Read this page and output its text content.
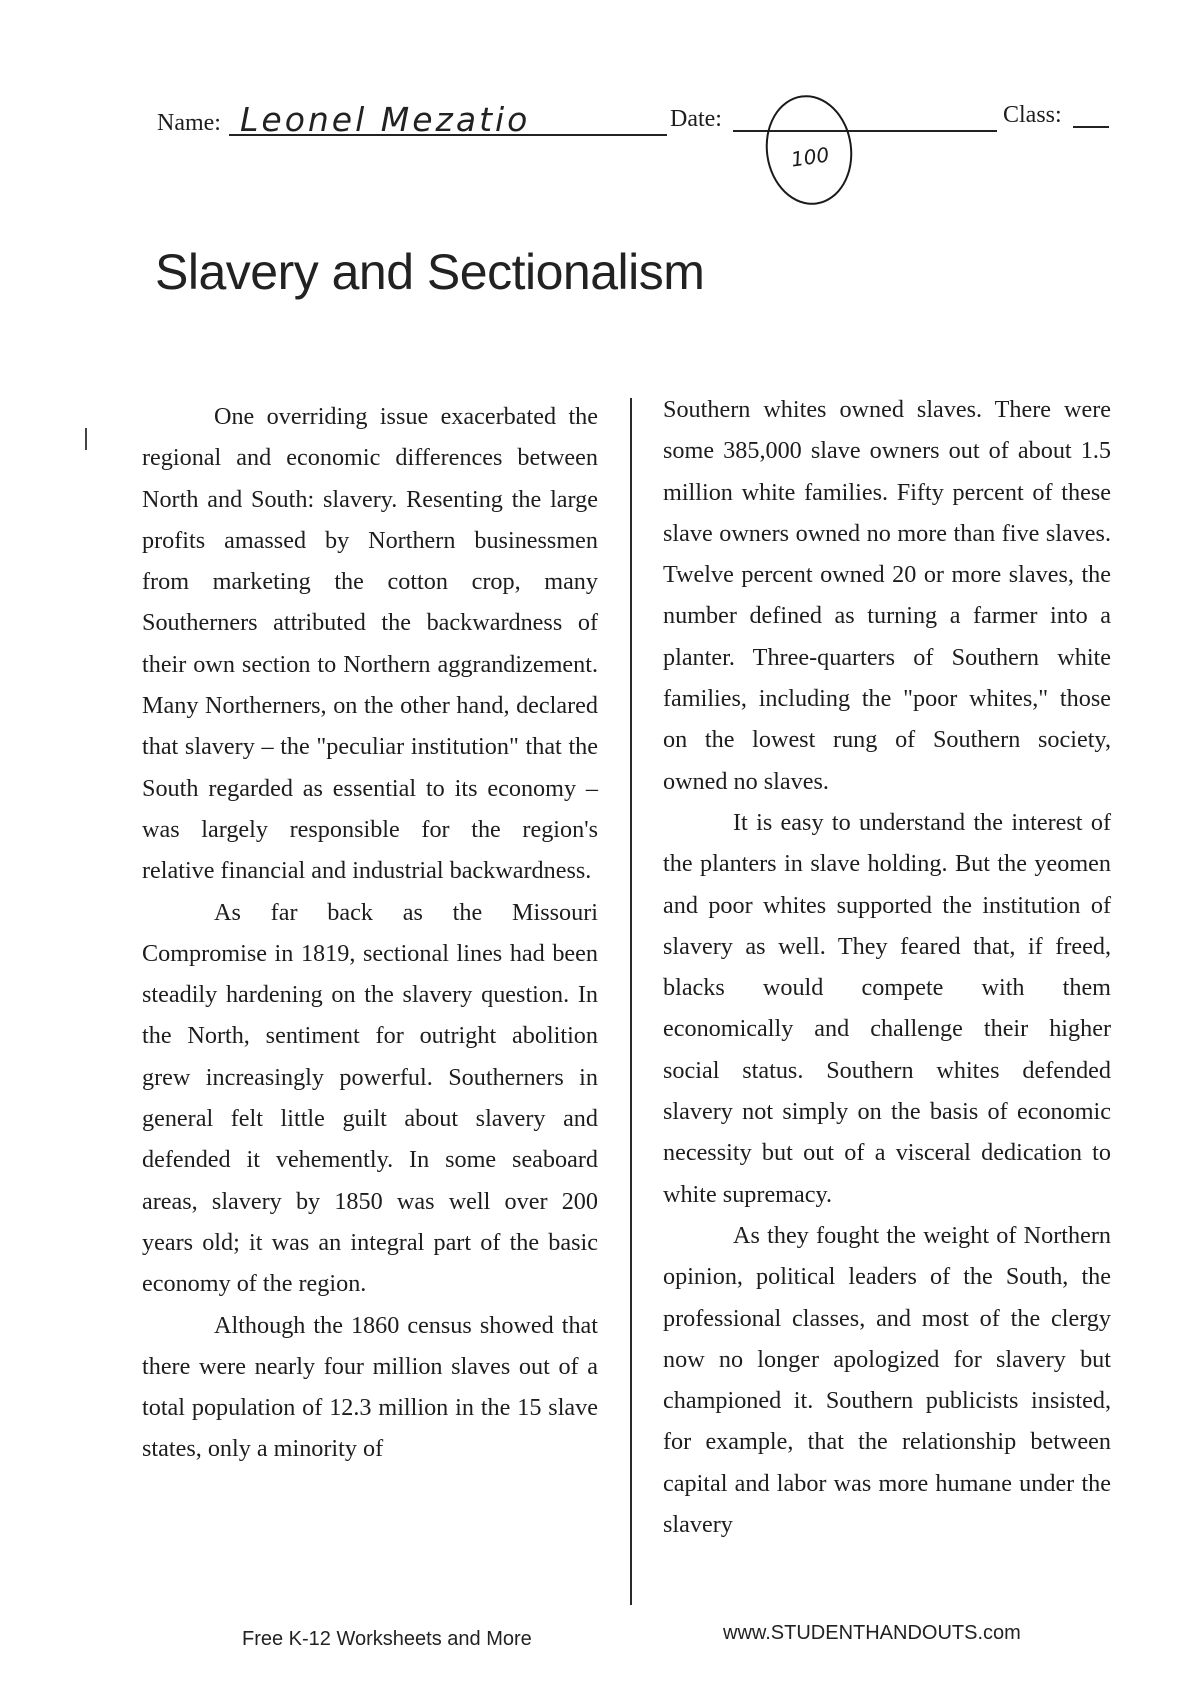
Name: Leonel Mezatio	Date:	Class:
100
Slavery and Sectionalism

One overriding issue exacerbated the regional and economic differences between North and South: slavery. Resenting the large profits amassed by Northern businessmen from marketing the cotton crop, many Southerners attributed the backwardness of their own section to Northern aggrandizement. Many Northerners, on the other hand, declared that slavery – the "peculiar institution" that the South regarded as essential to its economy – was largely responsible for the region's relative financial and industrial backwardness.

As far back as the Missouri Compromise in 1819, sectional lines had been steadily hardening on the slavery question. In the North, sentiment for outright abolition grew increasingly powerful. Southerners in general felt little guilt about slavery and defended it vehemently. In some seaboard areas, slavery by 1850 was well over 200 years old; it was an integral part of the basic economy of the region.

Although the 1860 census showed that there were nearly four million slaves out of a total population of 12.3 million in the 15 slave states, only a minority of

Southern whites owned slaves. There were some 385,000 slave owners out of about 1.5 million white families. Fifty percent of these slave owners owned no more than five slaves. Twelve percent owned 20 or more slaves, the number defined as turning a farmer into a planter. Three-quarters of Southern white families, including the "poor whites," those on the lowest rung of Southern society, owned no slaves.

It is easy to understand the interest of the planters in slave holding. But the yeomen and poor whites supported the institution of slavery as well. They feared that, if freed, blacks would compete with them economically and challenge their higher social status. Southern whites defended slavery not simply on the basis of economic necessity but out of a visceral dedication to white supremacy.

As they fought the weight of Northern opinion, political leaders of the South, the professional classes, and most of the clergy now no longer apologized for slavery but championed it. Southern publicists insisted, for example, that the relationship between capital and labor was more humane under the slavery

Free K-12 Worksheets and More	www.STUDENTHANDOUTS.com
